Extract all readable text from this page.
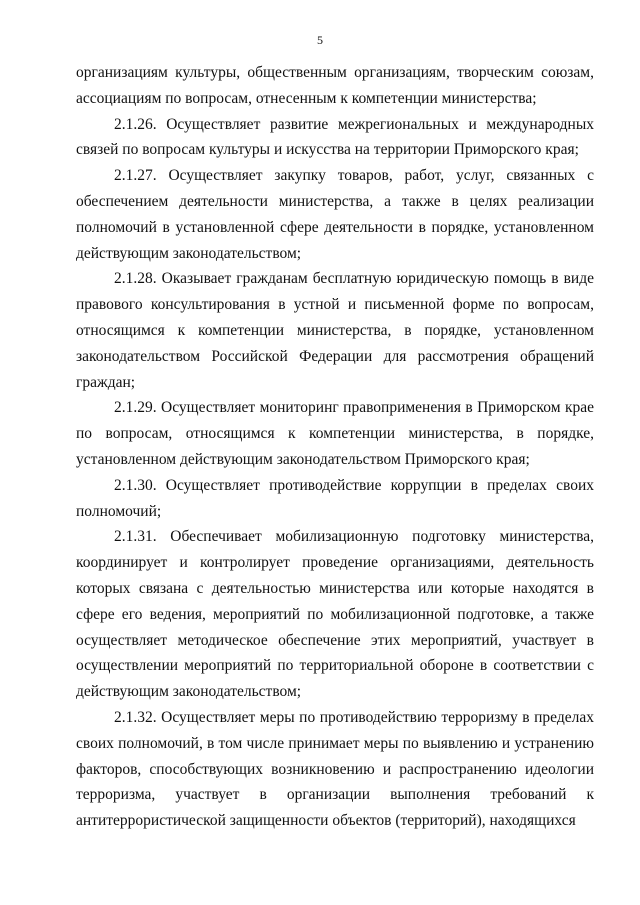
5

организациям культуры, общественным организациям, творческим союзам, ассоциациям по вопросам, отнесенным к компетенции министерства;

2.1.26. Осуществляет развитие межрегиональных и международных связей по вопросам культуры и искусства на территории Приморского края;

2.1.27. Осуществляет закупку товаров, работ, услуг, связанных с обеспечением деятельности министерства, а также в целях реализации полномочий в установленной сфере деятельности в порядке, установленном действующим законодательством;

2.1.28. Оказывает гражданам бесплатную юридическую помощь в виде правового консультирования в устной и письменной форме по вопросам, относящимся к компетенции министерства, в порядке, установленном законодательством Российской Федерации для рассмотрения обращений граждан;

2.1.29. Осуществляет мониторинг правоприменения в Приморском крае по вопросам, относящимся к компетенции министерства, в порядке, установленном действующим законодательством Приморского края;

2.1.30. Осуществляет противодействие коррупции в пределах своих полномочий;

2.1.31. Обеспечивает мобилизационную подготовку министерства, координирует и контролирует проведение организациями, деятельность которых связана с деятельностью министерства или которые находятся в сфере его ведения, мероприятий по мобилизационной подготовке, а также осуществляет методическое обеспечение этих мероприятий, участвует в осуществлении мероприятий по территориальной обороне в соответствии с действующим законодательством;

2.1.32. Осуществляет меры по противодействию терроризму в пределах своих полномочий, в том числе принимает меры по выявлению и устранению факторов, способствующих возникновению и распространению идеологии терроризма, участвует в организации выполнения требований к антитеррористической защищенности объектов (территорий), находящихся
